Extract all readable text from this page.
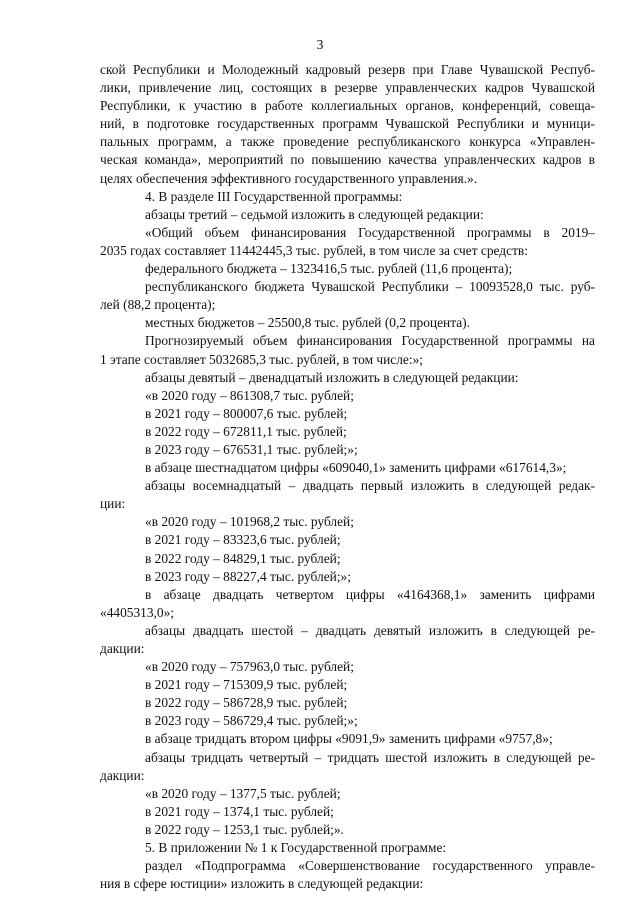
3
ской Республики и Молодежный кадровый резерв при Главе Чувашской Респуб-
лики, привлечение лиц, состоящих в резерве управленческих кадров Чувашской
Республики, к участию в работе коллегиальных органов, конференций, совеща-
ний, в подготовке государственных программ Чувашской Республики и муници-
пальных программ, а также проведение республиканского конкурса «Управлен-
ческая команда», мероприятий по повышению качества управленческих кадров в
целях обеспечения эффективного государственного управления.».
4. В разделе III Государственной программы:
абзацы третий – седьмой изложить в следующей редакции:
«Общий объем финансирования Государственной программы в 2019–
2035 годах составляет 11442445,3 тыс. рублей, в том числе за счет средств:
федерального бюджета – 1323416,5 тыс. рублей (11,6 процента);
республиканского бюджета Чувашской Республики – 10093528,0 тыс. руб-
лей (88,2 процента);
местных бюджетов – 25500,8 тыс. рублей (0,2 процента).
Прогнозируемый объем финансирования Государственной программы на
1 этапе составляет 5032685,3 тыс. рублей, в том числе:»;
абзацы девятый – двенадцатый изложить в следующей редакции:
«в 2020 году – 861308,7 тыс. рублей;
в 2021 году – 800007,6 тыс. рублей;
в 2022 году – 672811,1 тыс. рублей;
в 2023 году – 676531,1 тыс. рублей;»;
в абзаце шестнадцатом цифры «609040,1» заменить цифрами «617614,3»;
абзацы восемнадцатый – двадцать первый изложить в следующей редак-
ции:
«в 2020 году – 101968,2 тыс. рублей;
в 2021 году – 83323,6 тыс. рублей;
в 2022 году – 84829,1 тыс. рублей;
в 2023 году – 88227,4 тыс. рублей;»;
в абзаце двадцать четвертом цифры «4164368,1» заменить цифрами
«4405313,0»;
абзацы двадцать шестой – двадцать девятый изложить в следующей ре-
дакции:
«в 2020 году – 757963,0 тыс. рублей;
в 2021 году – 715309,9 тыс. рублей;
в 2022 году – 586728,9 тыс. рублей;
в 2023 году – 586729,4 тыс. рублей;»;
в абзаце тридцать втором цифры «9091,9» заменить цифрами «9757,8»;
абзацы тридцать четвертый – тридцать шестой изложить в следующей ре-
дакции:
«в 2020 году – 1377,5 тыс. рублей;
в 2021 году – 1374,1 тыс. рублей;
в 2022 году – 1253,1 тыс. рублей;».
5. В приложении № 1 к Государственной программе:
раздел «Подпрограмма «Совершенствование государственного управле-
ния в сфере юстиции» изложить в следующей редакции:
